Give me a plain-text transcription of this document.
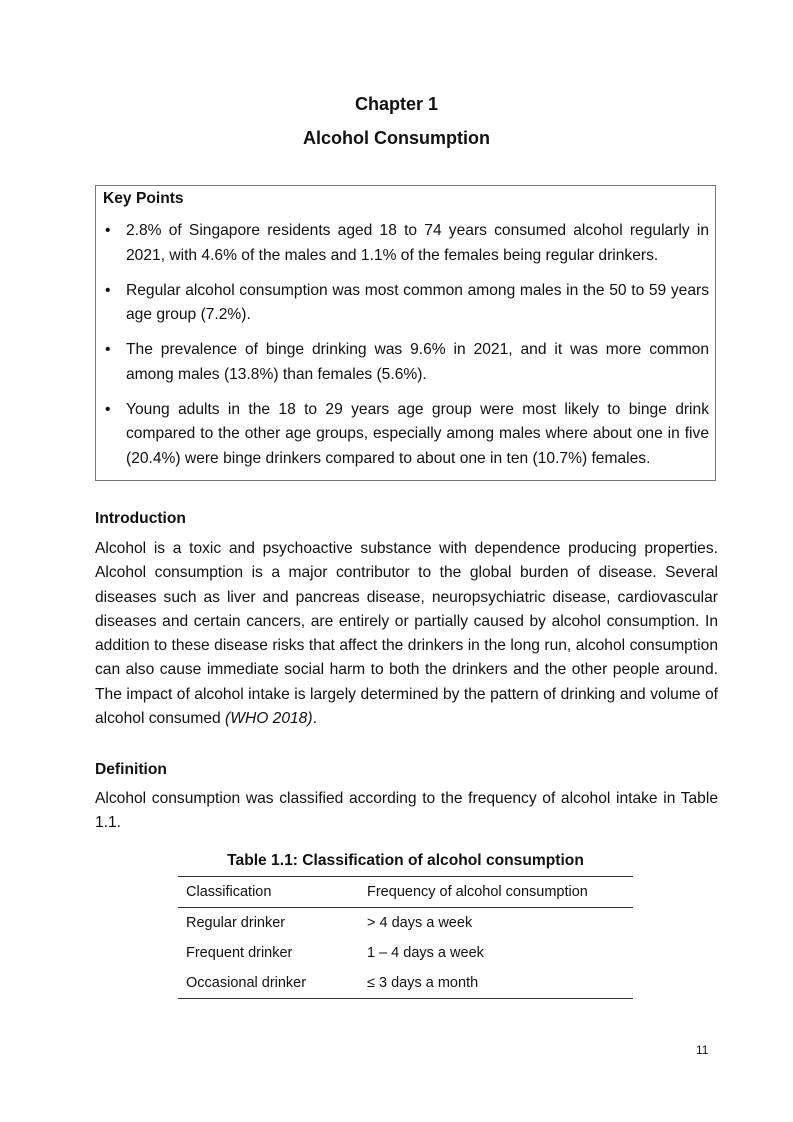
Chapter 1
Alcohol Consumption
Key Points
• 2.8% of Singapore residents aged 18 to 74 years consumed alcohol regularly in 2021, with 4.6% of the males and 1.1% of the females being regular drinkers.
• Regular alcohol consumption was most common among males in the 50 to 59 years age group (7.2%).
• The prevalence of binge drinking was 9.6% in 2021, and it was more common among males (13.8%) than females (5.6%).
• Young adults in the 18 to 29 years age group were most likely to binge drink compared to the other age groups, especially among males where about one in five (20.4%) were binge drinkers compared to about one in ten (10.7%) females.
Introduction
Alcohol is a toxic and psychoactive substance with dependence producing properties. Alcohol consumption is a major contributor to the global burden of disease. Several diseases such as liver and pancreas disease, neuropsychiatric disease, cardiovascular diseases and certain cancers, are entirely or partially caused by alcohol consumption. In addition to these disease risks that affect the drinkers in the long run, alcohol consumption can also cause immediate social harm to both the drinkers and the other people around. The impact of alcohol intake is largely determined by the pattern of drinking and volume of alcohol consumed (WHO 2018).
Definition
Alcohol consumption was classified according to the frequency of alcohol intake in Table 1.1.
Table 1.1: Classification of alcohol consumption
Classification	Frequency of alcohol consumption
Regular drinker	> 4 days a week
Frequent drinker	1 – 4 days a week
Occasional drinker	≤ 3 days a month
11
